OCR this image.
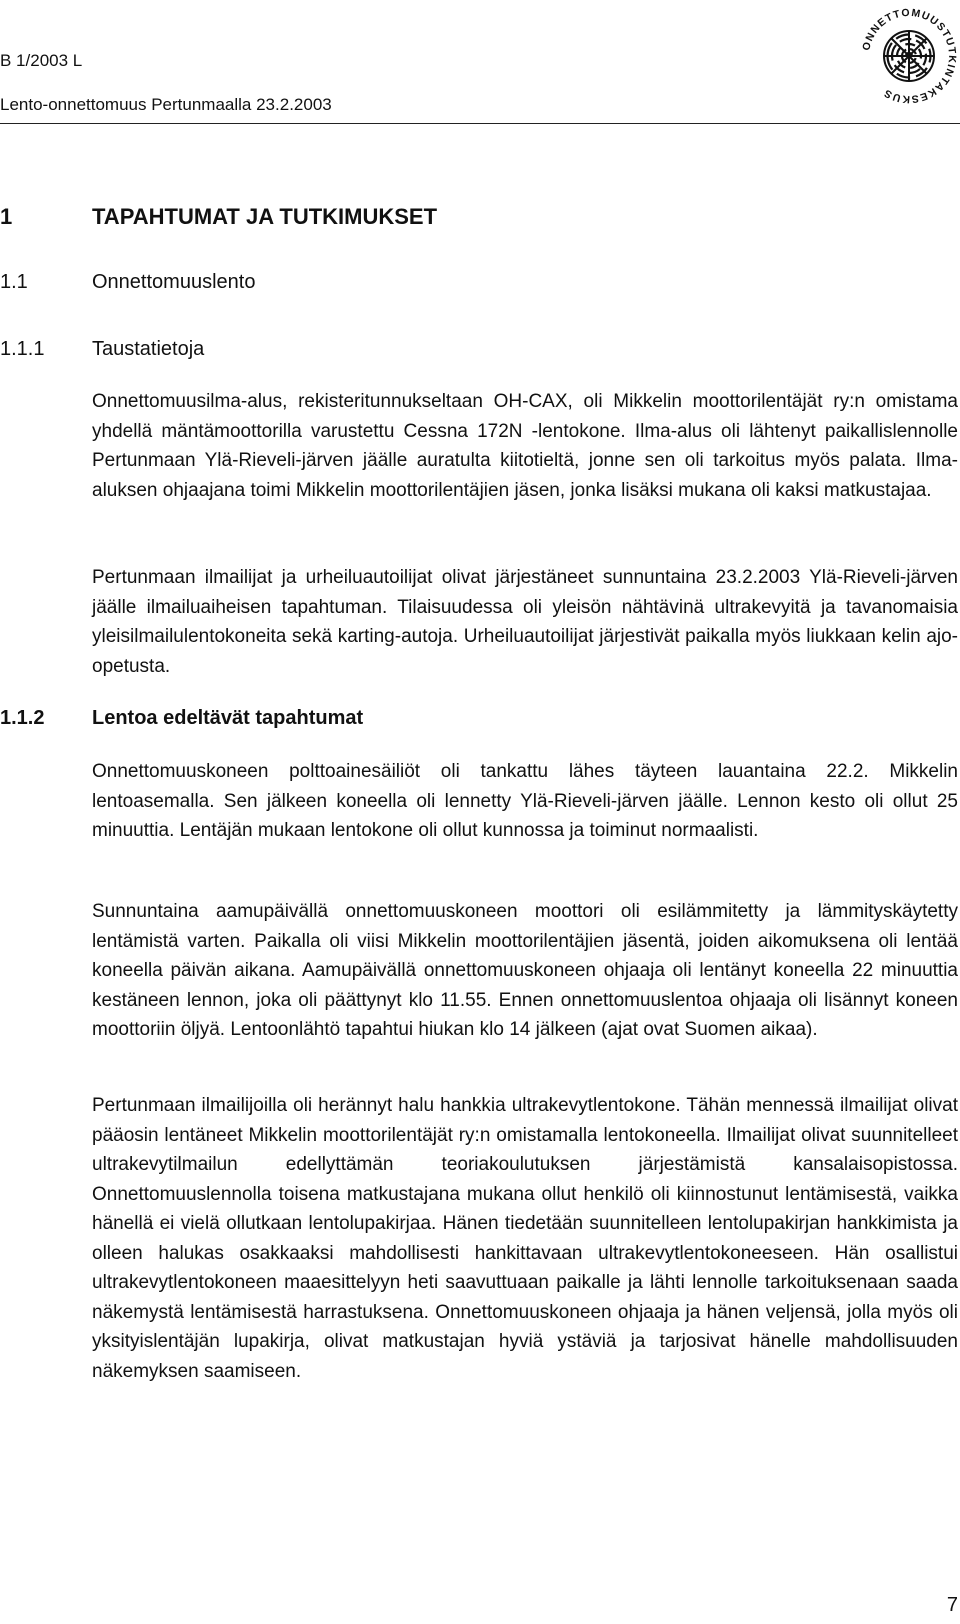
B 1/2003 L
Lento-onnettomuus Pertunmaalla 23.2.2003
ONNETTOMUUSTUTKINTAKESKUS
1	TAPAHTUMAT JA TUTKIMUKSET
1.1	Onnettomuuslento
1.1.1 Taustatietoja
Onnettomuusilma-alus, rekisteritunnukseltaan OH-CAX, oli Mikkelin moottorilentäjät ry:n omistama yhdellä mäntämoottorilla varustettu Cessna 172N -lentokone. Ilma-alus oli lähtenyt paikallislennolle Pertunmaan Ylä-Rieveli-järven jäälle auratulta kiitotieltä, jonne sen oli tarkoitus myös palata. Ilma-aluksen ohjaajana toimi Mikkelin moottorilentäjien jäsen, jonka lisäksi mukana oli kaksi matkustajaa.
Pertunmaan ilmailijat ja urheiluautoilijat olivat järjestäneet sunnuntaina 23.2.2003 Ylä-Rieveli-järven jäälle ilmailuaiheisen tapahtuman. Tilaisuudessa oli yleisön nähtävinä ultrakevyitä ja tavanomaisia yleisilmailulentokoneita sekä karting-autoja. Urheiluautoilijat järjestivät paikalla myös liukkaan kelin ajo-opetusta.
1.1.2 Lentoa edeltävät tapahtumat
Onnettomuuskoneen polttoainesäiliöt oli tankattu lähes täyteen lauantaina 22.2. Mikkelin lentoasemalla. Sen jälkeen koneella oli lennetty Ylä-Rieveli-järven jäälle. Lennon kesto oli ollut 25 minuuttia. Lentäjän mukaan lentokone oli ollut kunnossa ja toiminut normaalisti.
Sunnuntaina aamupäivällä onnettomuuskoneen moottori oli esilämmitetty ja lämmityskäytetty lentämistä varten. Paikalla oli viisi Mikkelin moottorilentäjien jäsentä, joiden aikomuksena oli lentää koneella päivän aikana. Aamupäivällä onnettomuuskoneen ohjaaja oli lentänyt koneella 22 minuuttia kestäneen lennon, joka oli päättynyt klo 11.55. Ennen onnettomuuslentoa ohjaaja oli lisännyt koneen moottoriin öljyä. Lentoonlähtö tapahtui hiukan klo 14 jälkeen (ajat ovat Suomen aikaa).
Pertunmaan ilmailijoilla oli herännyt halu hankkia ultrakevytlentokone. Tähän mennessä ilmailijat olivat pääosin lentäneet Mikkelin moottorilentäjät ry:n omistamalla lentokoneella. Ilmailijat olivat suunnitelleet ultrakevytilmailun edellyttämän teoriakoulutuksen järjestämistä kansalaisopistossa. Onnettomuuslennolla toisena matkustajana mukana ollut henkilö oli kiinnostunut lentämisestä, vaikka hänellä ei vielä ollutkaan lentolupakirjaa. Hänen tiedetään suunnitelleen lentolupakirjan hankkimista ja olleen halukas osakkaaksi mahdollisesti hankittavaan ultrakevytlentokoneeseen. Hän osallistui ultrakevytlentokoneen maaesittelyyn heti saavuttuaan paikalle ja lähti lennolle tarkoituksenaan saada näkemystä lentämisestä harrastuksena. Onnettomuuskoneen ohjaaja ja hänen veljensä, jolla myös oli yksityislentäjän lupakirja, olivat matkustajan hyviä ystäviä ja tarjosivat hänelle mahdollisuuden näkemyksen saamiseen.
7
